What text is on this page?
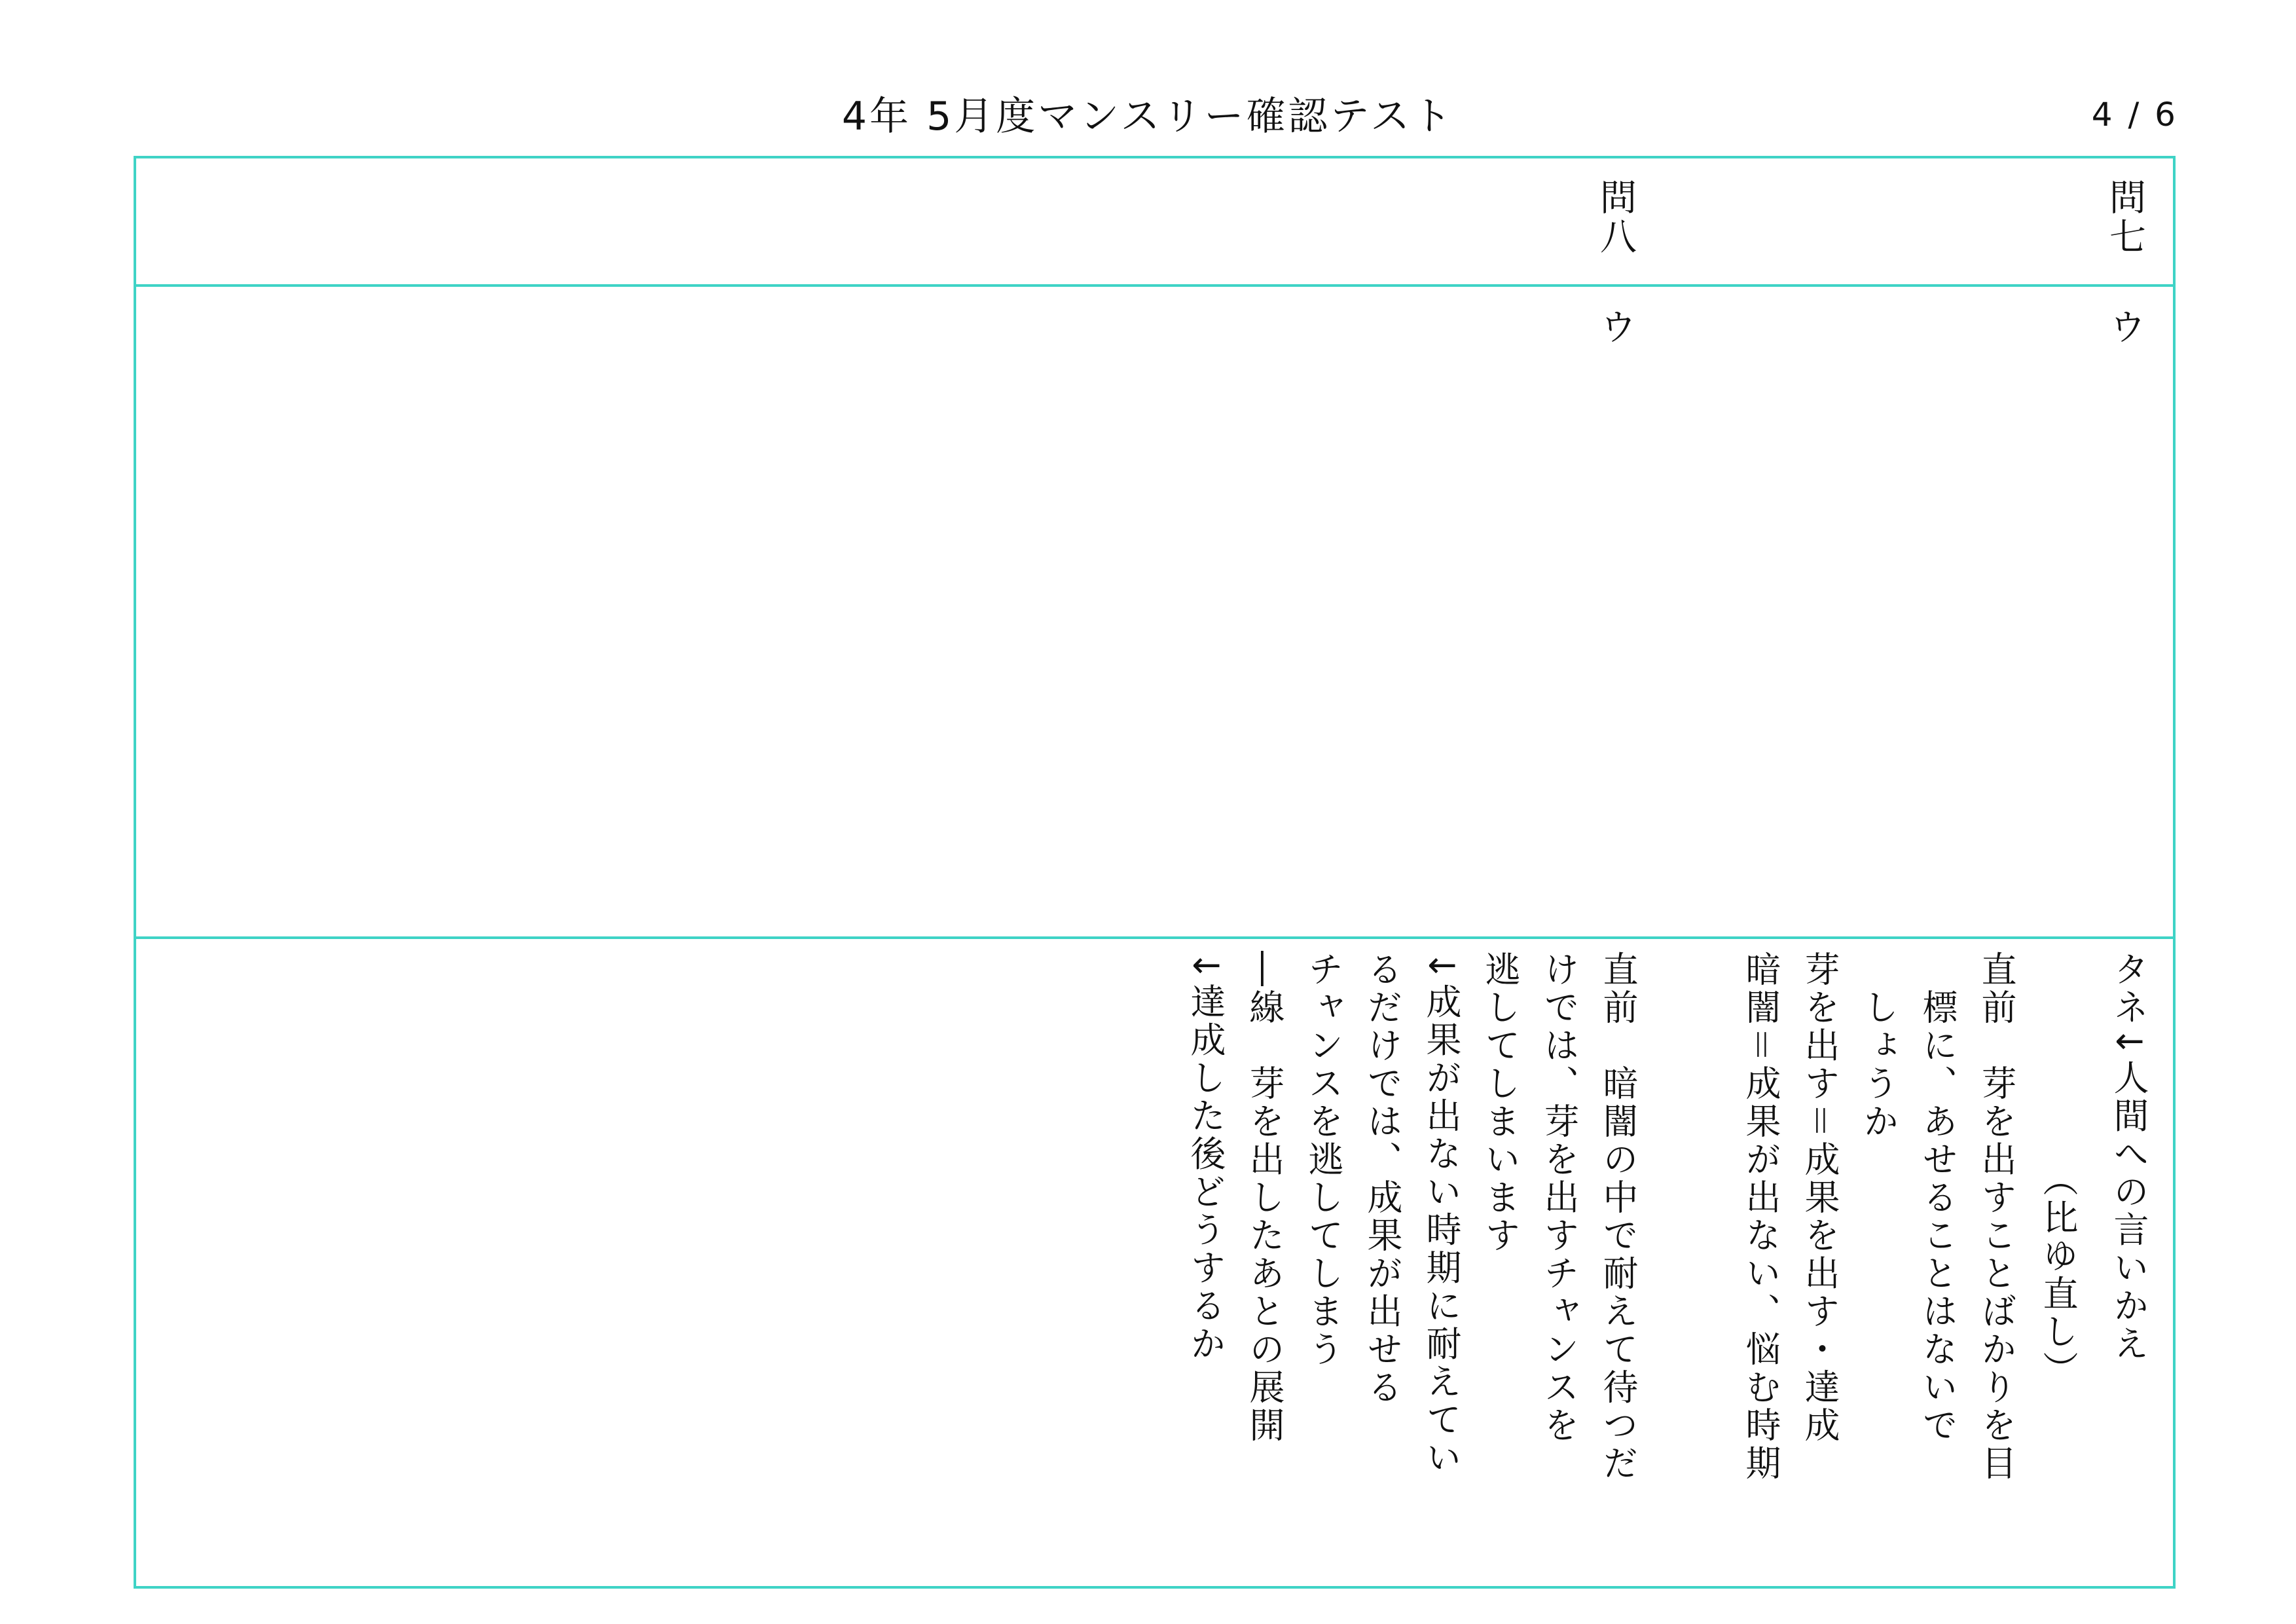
4年 5月度マンスリー確認テスト	4 / 6
問七
問八
ウ
ウ
タネ↓人間への言いかえ
　　　　　　（比ゆ直し）
直前　芽を出すことばかりを目
　標に、あせることはないで
　しょうか
芽を出す＝成果を出す・達成
暗闇＝成果が出ない、悩む時期
直前　暗闇の中で耐えて待つだ
けでは、芽を出すチャンスを
逃してしまいます
↓成果が出ない時期に耐えてい
るだけでは、成果が出せる
チャンスを逃してしまう
―線　芽を出したあとの展開
↓達成した後どうするか
